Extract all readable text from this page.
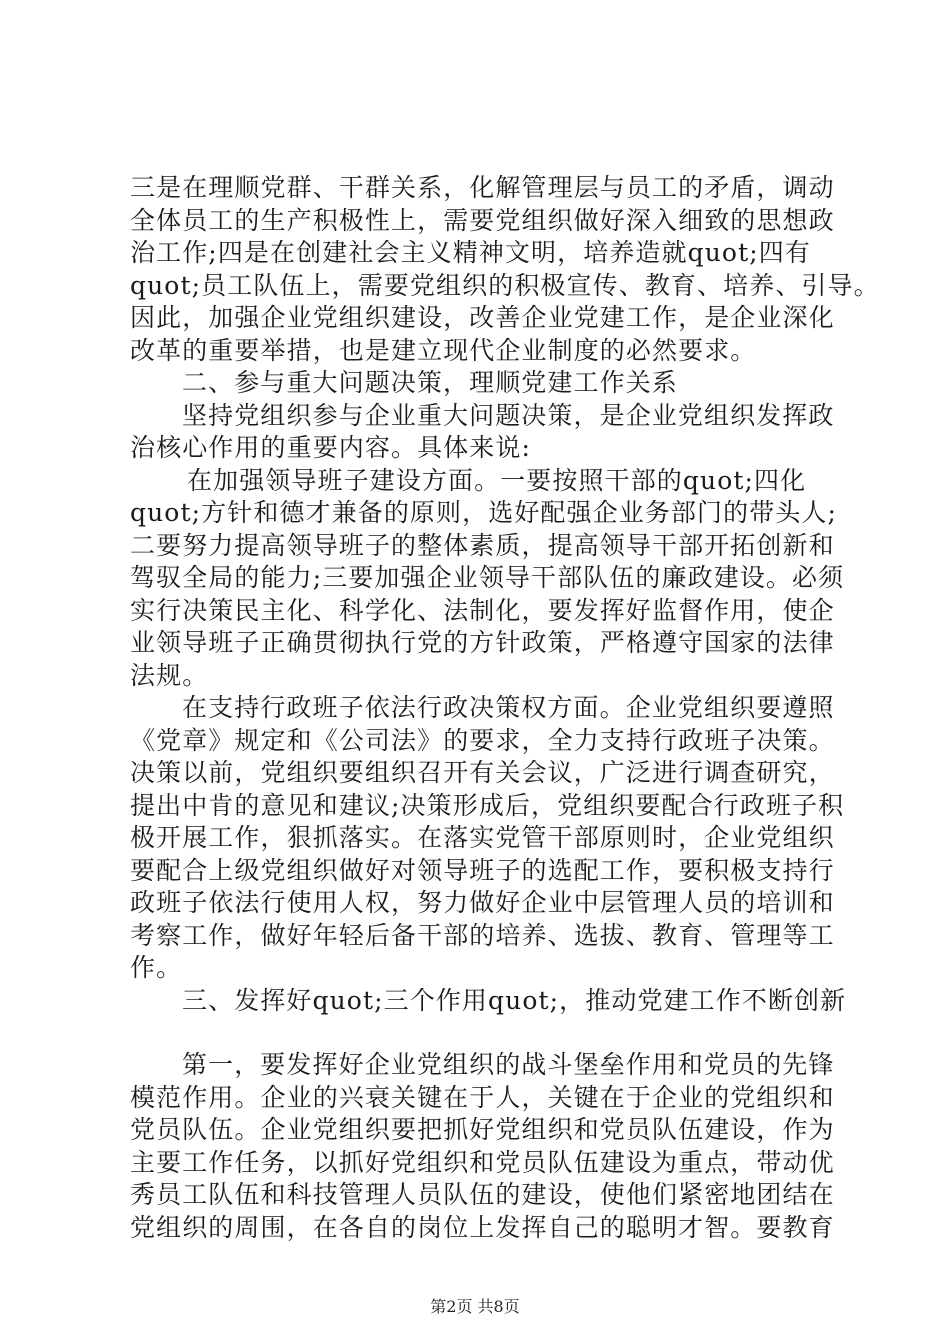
三是在理顺党群、干群关系，化解管理层与员工的矛盾，调动
全体员工的生产积极性上，需要党组织做好深入细致的思想政
治工作;四是在创建社会主义精神文明，培养造就quot;四有
quot;员工队伍上，需要党组织的积极宣传、教育、培养、引导。
因此，加强企业党组织建设，改善企业党建工作，是企业深化
改革的重要举措，也是建立现代企业制度的必然要求。
二、参与重大问题决策，理顺党建工作关系
坚持党组织参与企业重大问题决策，是企业党组织发挥政
治核心作用的重要内容。具体来说:
在加强领导班子建设方面。一要按照干部的quot;四化
quot;方针和德才兼备的原则，选好配强企业务部门的带头人;
二要努力提高领导班子的整体素质，提高领导干部开拓创新和
驾驭全局的能力;三要加强企业领导干部队伍的廉政建设。必须
实行决策民主化、科学化、法制化，要发挥好监督作用，使企
业领导班子正确贯彻执行党的方针政策，严格遵守国家的法律
法规。
在支持行政班子依法行政决策权方面。企业党组织要遵照
《党章》规定和《公司法》的要求，全力支持行政班子决策。
决策以前，党组织要组织召开有关会议，广泛进行调查研究，
提出中肯的意见和建议;决策形成后，党组织要配合行政班子积
极开展工作，狠抓落实。在落实党管干部原则时，企业党组织
要配合上级党组织做好对领导班子的选配工作，要积极支持行
政班子依法行使用人权，努力做好企业中层管理人员的培训和
考察工作，做好年轻后备干部的培养、选拔、教育、管理等工
作。
三、发挥好quot;三个作用quot;，推动党建工作不断创新
第一，要发挥好企业党组织的战斗堡垒作用和党员的先锋
模范作用。企业的兴衰关键在于人，关键在于企业的党组织和
党员队伍。企业党组织要把抓好党组织和党员队伍建设，作为
主要工作任务，以抓好党组织和党员队伍建设为重点，带动优
秀员工队伍和科技管理人员队伍的建设，使他们紧密地团结在
党组织的周围，在各自的岗位上发挥自己的聪明才智。要教育
第2页 共8页
